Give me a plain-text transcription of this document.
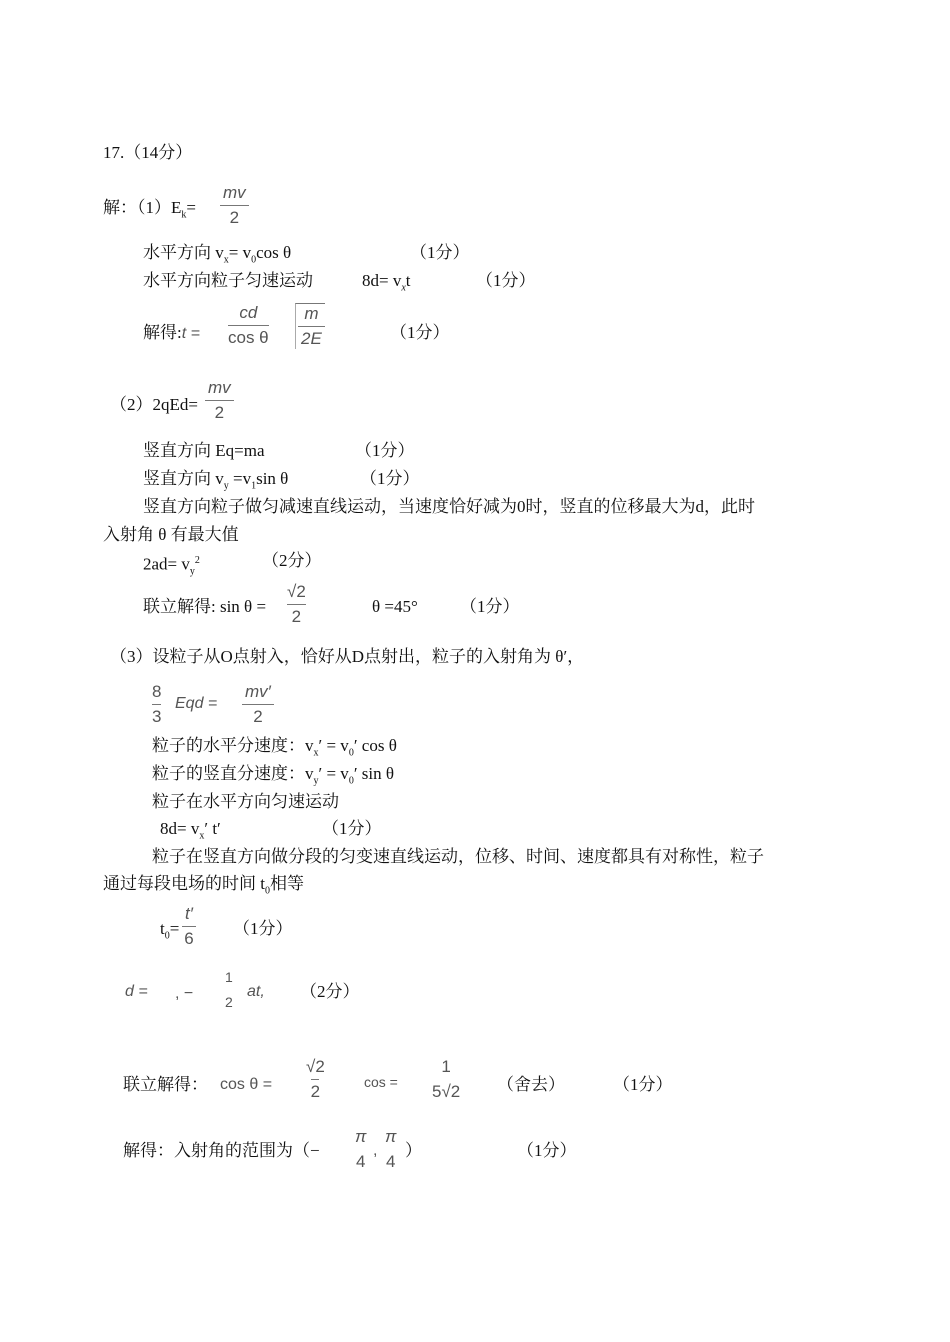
17.（14分）
解：$(1)E_k=$
mv
2
水平方向 $v_x= v_0\cos$ θ	（1分）
水平方向粒子匀速运动	$8d= v_xt$	（1分）
解得:t =
cd
cos θ
m
2E	（1分）
（2）2qEd=
mv
2
竖直方向 Eq=ma	（1分）
竖直方向 $v_y =v_1\sin$ θ	（1分）
竖直方向粒子做匀减速直线运动，当速度恰好减为0时，竖直的位移最大为d，此时
入射角 θ 有最大值
$2ad= v_y^2$	（2分）
联立解得: sin θ =
√2
2
θ =45° （1分）
（3）设粒子从O点射入，恰好从D点射出，粒子的入射角为 θ′，
8
3
Eqd =
mv′
2
粒子的水平分速度：$v_x' = v_0'$ cos θ
粒子的竖直分速度：$v_y' = v_0'$ sin θ
粒子在水平方向匀速运动
$8d= v_x'$ t′	（1分）
粒子在竖直方向做分段的匀变速直线运动，位移、时间、速度都具有对称性，粒子
通过每段电场的时间 $t_0$相等
$t_0=$
t′
6
（1分）
d = , −
1
2
at, （2分）
联立解得： cos θ =
√2
2	cos =
1
5√2 （舍去）	（1分）
解得：入射角的范围为（−
π
4
,
π
4
）	（1分）
